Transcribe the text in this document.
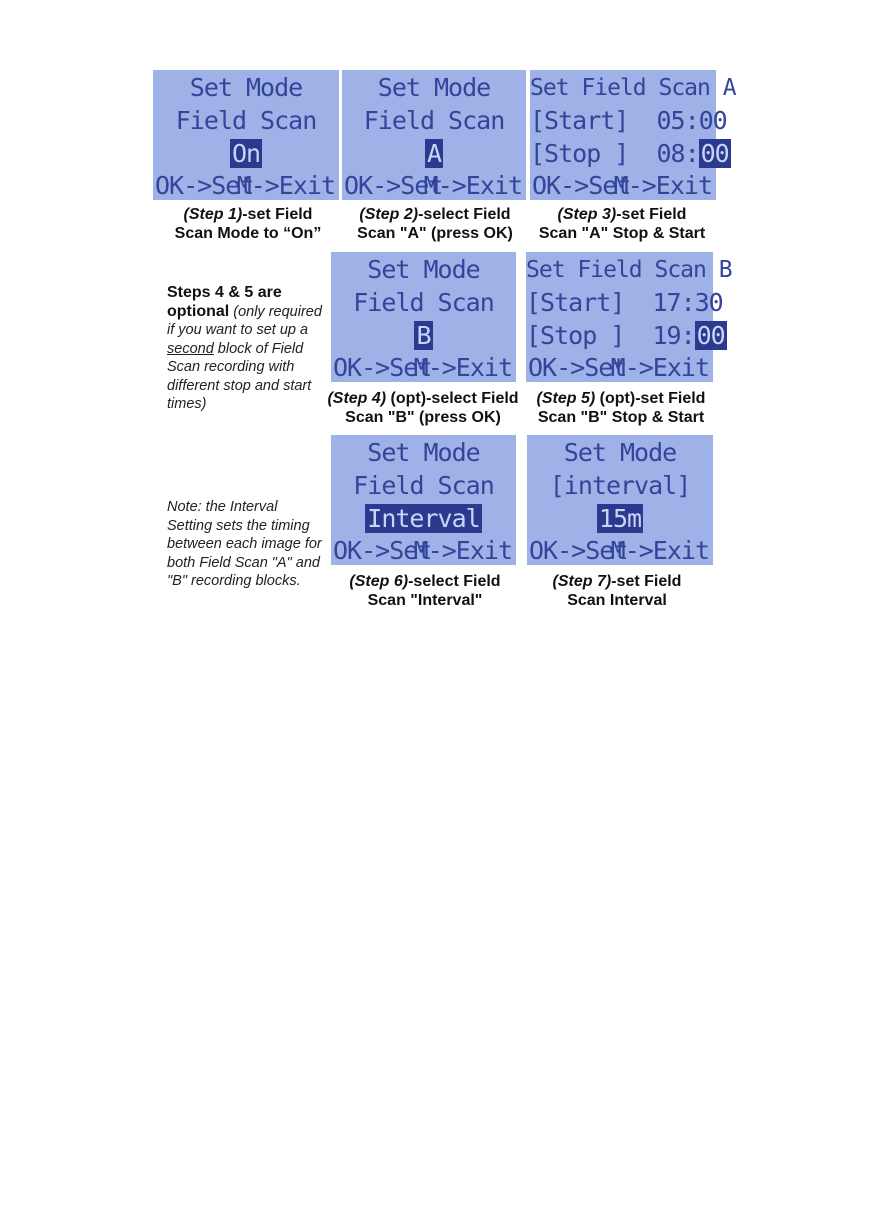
Set Mode
Field Scan
On
OK->Set
M->Exit
Set Mode
Field Scan
A
OK->Set
M->Exit
Set Field Scan A
[Start] 05:00
[Stop ] 08:00
OK->Set
M->Exit
(Step 1)-set Field
Scan Mode to “On”
(Step 2)-select Field
Scan "A" (press OK)
(Step 3)-set Field
Scan "A" Stop & Start
Steps 4 & 5 are optional (only required if you want to set up a second block of Field Scan recording with different stop and start times)
Set Mode
Field Scan
B
OK->Set
M->Exit
Set Field Scan B
[Start] 17:30
[Stop ] 19:00
OK->Set
M->Exit
(Step 4) (opt)-select Field
Scan "B" (press OK)
(Step 5) (opt)-set Field
Scan "B" Stop & Start
Note: the Interval Setting sets the timing between each image for both Field Scan "A" and "B" recording blocks.
Set Mode
Field Scan
Interval
OK->Set
M->Exit
Set Mode
[interval]
15m
OK->Set
M->Exit
(Step 6)-select Field
Scan "Interval"
(Step 7)-set Field
Scan Interval
